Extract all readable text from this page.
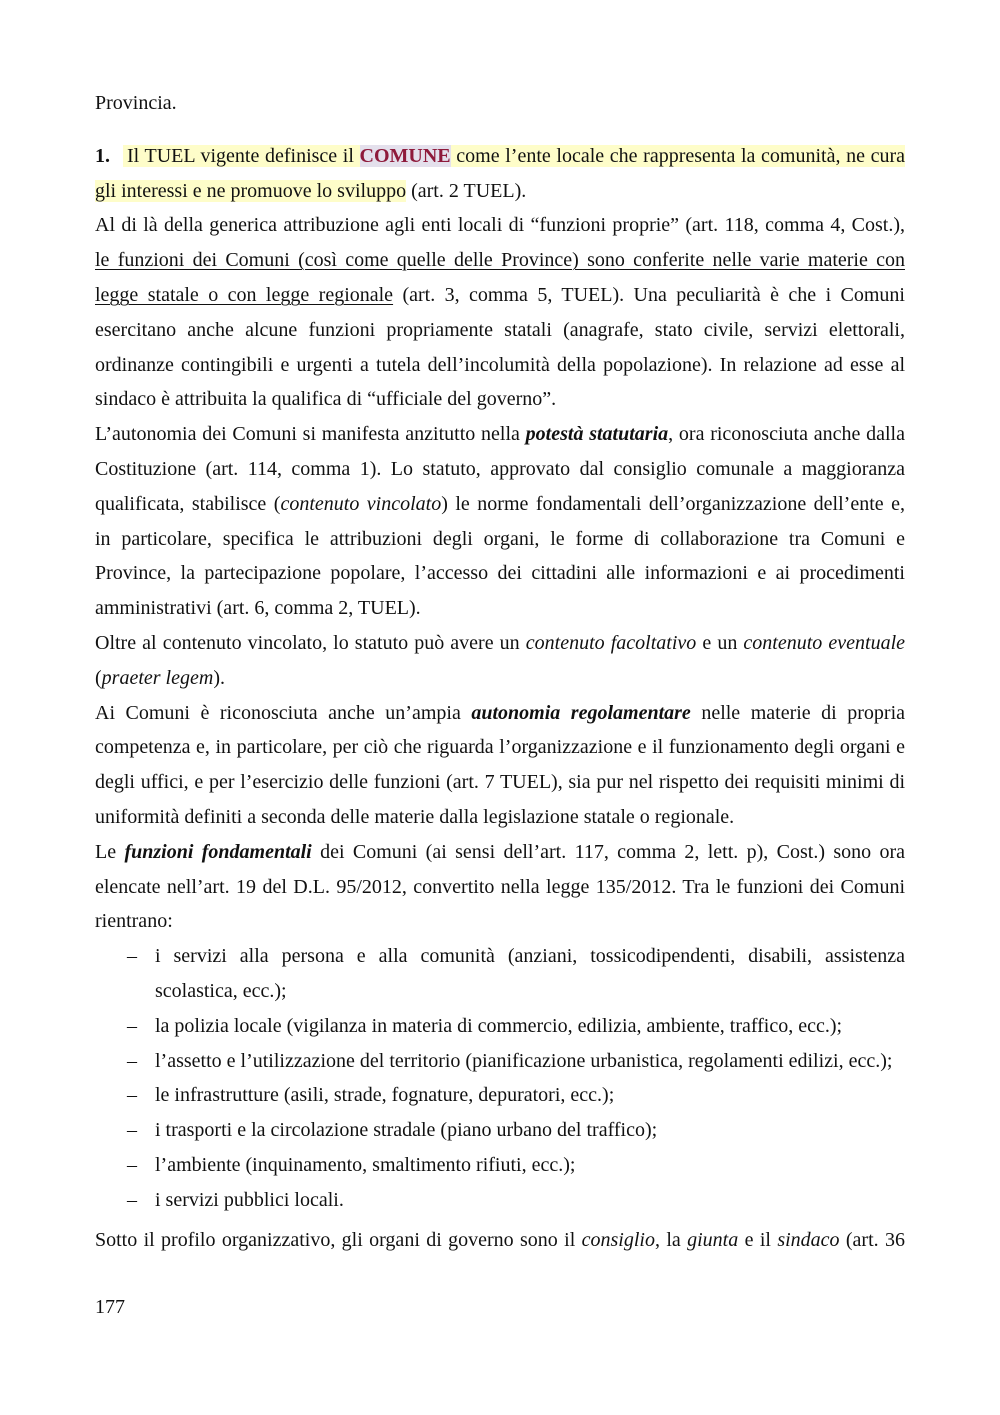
Provincia.
1. Il TUEL vigente definisce il COMUNE come l’ente locale che rappresenta la comunità, ne cura
gli interessi e ne promuove lo sviluppo (art. 2 TUEL).
Al di là della generica attribuzione agli enti locali di “funzioni proprie” (art. 118, comma 4, Cost.),
le funzioni dei Comuni (così come quelle delle Province) sono conferite nelle varie materie con
legge statale o con legge regionale (art. 3, comma 5, TUEL). Una peculiarità è che i Comuni
esercitano anche alcune funzioni propriamente statali (anagrafe, stato civile, servizi elettorali,
ordinanze contingibili e urgenti a tutela dell’incolumità della popolazione). In relazione ad esse al
sindaco è attribuita la qualifica di “ufficiale del governo”.
L’autonomia dei Comuni si manifesta anzitutto nella potestà statutaria, ora riconosciuta anche dalla
Costituzione (art. 114, comma 1). Lo statuto, approvato dal consiglio comunale a maggioranza
qualificata, stabilisce (contenuto vincolato) le norme fondamentali dell’organizzazione dell’ente e,
in particolare, specifica le attribuzioni degli organi, le forme di collaborazione tra Comuni e
Province, la partecipazione popolare, l’accesso dei cittadini alle informazioni e ai procedimenti
amministrativi (art. 6, comma 2, TUEL).
Oltre al contenuto vincolato, lo statuto può avere un contenuto facoltativo e un contenuto eventuale
(praeter legem).
Ai Comuni è riconosciuta anche un’ampia autonomia regolamentare nelle materie di propria
competenza e, in particolare, per ciò che riguarda l’organizzazione e il funzionamento degli organi e
degli uffici, e per l’esercizio delle funzioni (art. 7 TUEL), sia pur nel rispetto dei requisiti minimi di
uniformità definiti a seconda delle materie dalla legislazione statale o regionale.
Le funzioni fondamentali dei Comuni (ai sensi dell’art. 117, comma 2, lett. p), Cost.) sono ora
elencate nell’art. 19 del D.L. 95/2012, convertito nella legge 135/2012. Tra le funzioni dei Comuni
rientrano:
– i servizi alla persona e alla comunità (anziani, tossicodipendenti, disabili, assistenza
scolastica, ecc.);
– la polizia locale (vigilanza in materia di commercio, edilizia, ambiente, traffico, ecc.);
– l’assetto e l’utilizzazione del territorio (pianificazione urbanistica, regolamenti edilizi, ecc.);
– le infrastrutture (asili, strade, fognature, depuratori, ecc.);
– i trasporti e la circolazione stradale (piano urbano del traffico);
– l’ambiente (inquinamento, smaltimento rifiuti, ecc.);
– i servizi pubblici locali.
Sotto il profilo organizzativo, gli organi di governo sono il consiglio, la giunta e il sindaco (art. 36
177
